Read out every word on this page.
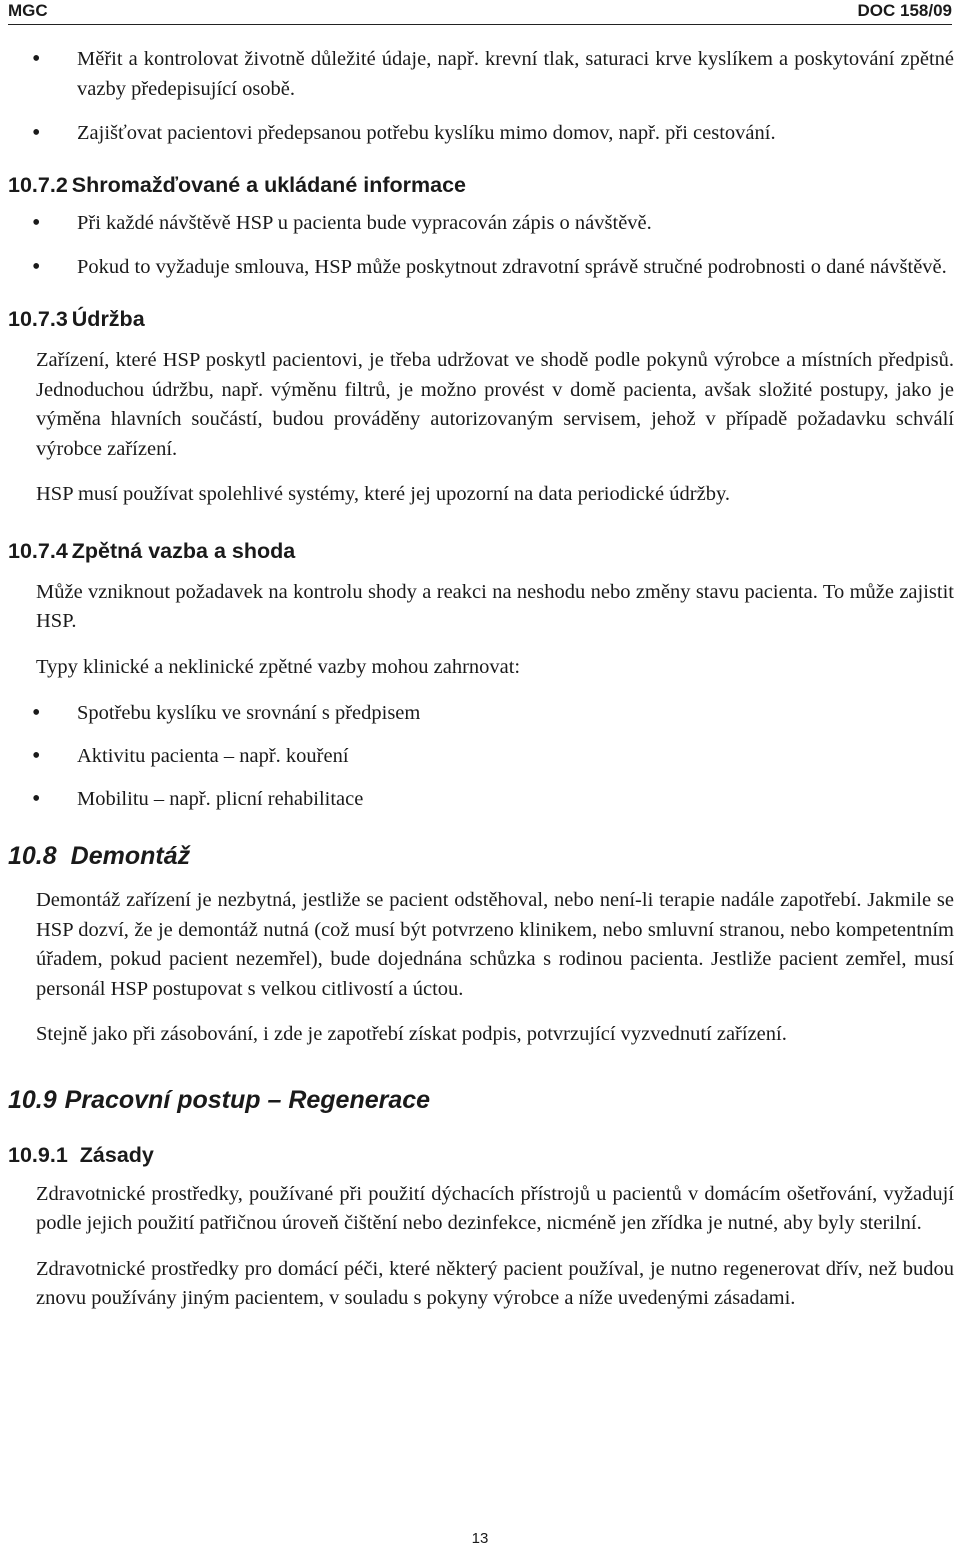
MGC	DOC 158/09
• Měřit a kontrolovat životně důležité údaje, např. krevní tlak, saturaci krve kyslíkem a poskytování zpětné vazby předepisující osobě.
• Zajišťovat pacientovi předepsanou potřebu kyslíku mimo domov, např. při cestování.
10.7.2 Shromažďované a ukládané informace
• Při každé návštěvě HSP u pacienta bude vypracován zápis o návštěvě.
• Pokud to vyžaduje smlouva, HSP může poskytnout zdravotní správě stručné podrobnosti o dané návštěvě.
10.7.3 Údržba

Zařízení, které HSP poskytl pacientovi, je třeba udržovat ve shodě podle pokynů výrobce a místních předpisů. Jednoduchou údržbu, např. výměnu filtrů, je možno provést v domě pacienta, avšak složité postupy, jako je výměna hlavních součástí, budou prováděny autorizovaným servisem, jehož v případě požadavku schválí výrobce zařízení.

HSP musí používat spolehlivé systémy, které jej upozorní na data periodické údržby.

10.7.4 Zpětná vazba a shoda

Může vzniknout požadavek na kontrolu shody a reakci na neshodu nebo změny stavu pacienta. To může zajistit HSP.

Typy klinické a neklinické zpětné vazby mohou zahrnovat:

• Spotřebu kyslíku ve srovnání s předpisem
• Aktivitu pacienta – např. kouření
• Mobilitu – např. plicní rehabilitace
10.8 Demontáž

Demontáž zařízení je nezbytná, jestliže se pacient odstěhoval, nebo není-li terapie nadále zapotřebí. Jakmile se HSP dozví, že je demontáž nutná (což musí být potvrzeno klinikem, nebo smluvní stranou, nebo kompetentním úřadem, pokud pacient nezemřel), bude dojednána schůzka s rodinou pacienta. Jestliže pacient zemřel, musí personál HSP postupovat s velkou citlivostí a úctou.

Stejně jako při zásobování, i zde je zapotřebí získat podpis, potvrzující vyzvednutí zařízení.

10.9 Pracovní postup – Regenerace
10.9.1 Zásady

Zdravotnické prostředky, používané při použití dýchacích přístrojů u pacientů v domácím ošetřování, vyžadují podle jejich použití patřičnou úroveň čištění nebo dezinfekce, nicméně jen zřídka je nutné, aby byly sterilní.

Zdravotnické prostředky pro domácí péči, které některý pacient používal, je nutno regenerovat dřív, než budou znovu používány jiným pacientem, v souladu s pokyny výrobce a níže uvedenými zásadami.

13
